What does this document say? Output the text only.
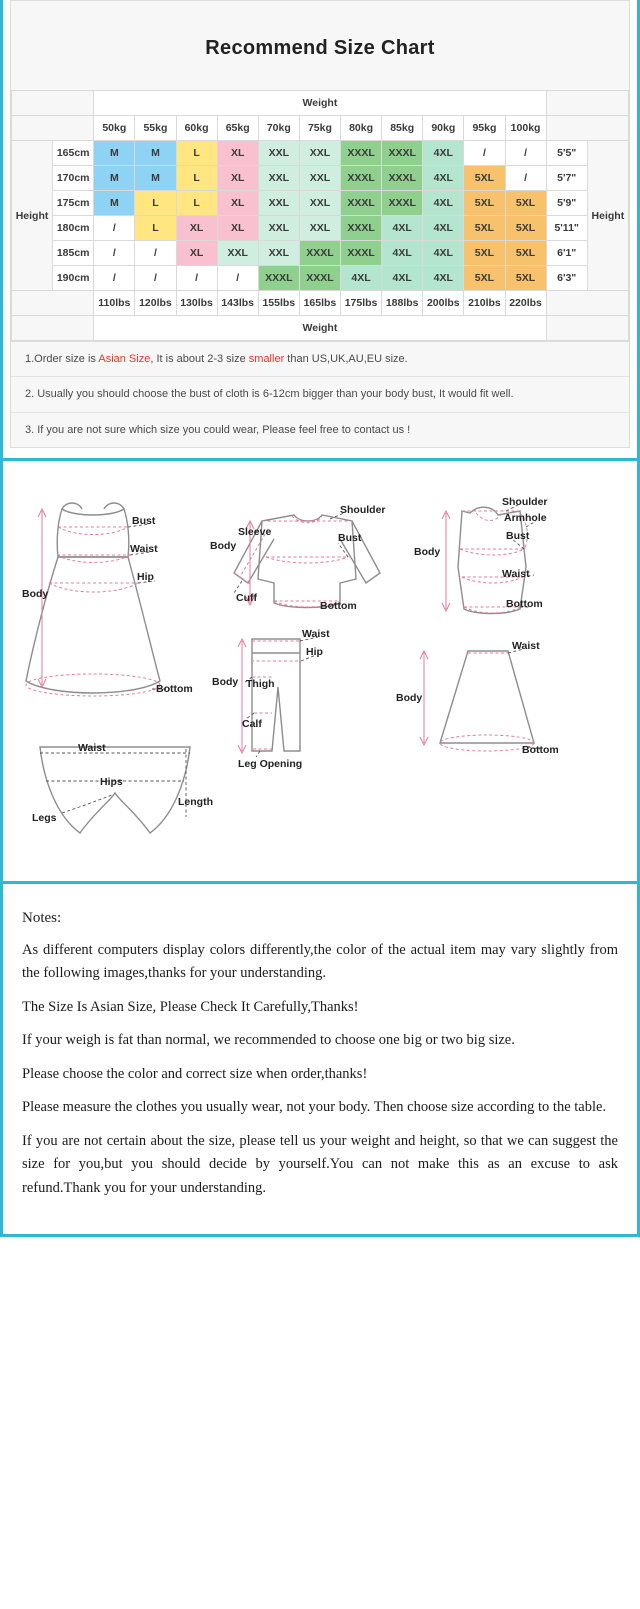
Recommend Size Chart
		Weight												
		50kg	55kg	60kg	65kg	70kg	75kg	80kg	85kg	90kg	95kg	100kg		
Height	165cm	M	M	L	XL	XXL	XXL	XXXL	XXXL	4XL	/	/	5'5"	Height
	170cm	M	M	L	XL	XXL	XXL	XXXL	XXXL	4XL	5XL	/	5'7"	
	175cm	M	L	L	XL	XXL	XXL	XXXL	XXXL	4XL	5XL	5XL	5'9"	
	180cm	/	L	XL	XL	XXL	XXL	XXXL	4XL	4XL	5XL	5XL	5'11"	
	185cm	/	/	XL	XXL	XXL	XXXL	XXXL	4XL	4XL	5XL	5XL	6'1"	
	190cm	/	/	/	/	XXXL	XXXL	4XL	4XL	4XL	5XL	5XL	6'3"	
		110lbs	120lbs	130lbs	143lbs	155lbs	165lbs	175lbs	188lbs	200lbs	210lbs	220lbs		
		Weight												
1.Order size is Asian Size, It is about 2-3 size smaller than US,UK,AU,EU size.
2. Usually you should choose the bust of cloth is 6-12cm bigger than your body bust, It would fit well.
3. If you are not sure which size you could wear, Please feel free to contact us !
Bust
Waist
Hip
Body
Bottom
Shoulder
Sleeve
Body
Bust
Cuff
Bottom
Shoulder
Armhole
Body
Bust
Waist
Bottom
Waist
Hip
Body Thigh
Calf
Leg Opening
Waist
Body
Bottom
Waist
Hips
Legs
Length
Notes:

As different computers display colors differently,the color of the actual item may vary slightly from the following images,thanks for your understanding.

The Size Is Asian Size, Please Check It Carefully,Thanks!

If your weigh is fat than normal, we recommended to choose one big or two big size.

Please choose the color and correct size when order,thanks!

Please measure the clothes you usually wear, not your body. Then choose size according to the table.

If you are not certain about the size, please tell us your weight and height, so that we can suggest the size for you,but you should decide by yourself.You can not make this as an excuse to ask refund.Thank you for your understanding.
